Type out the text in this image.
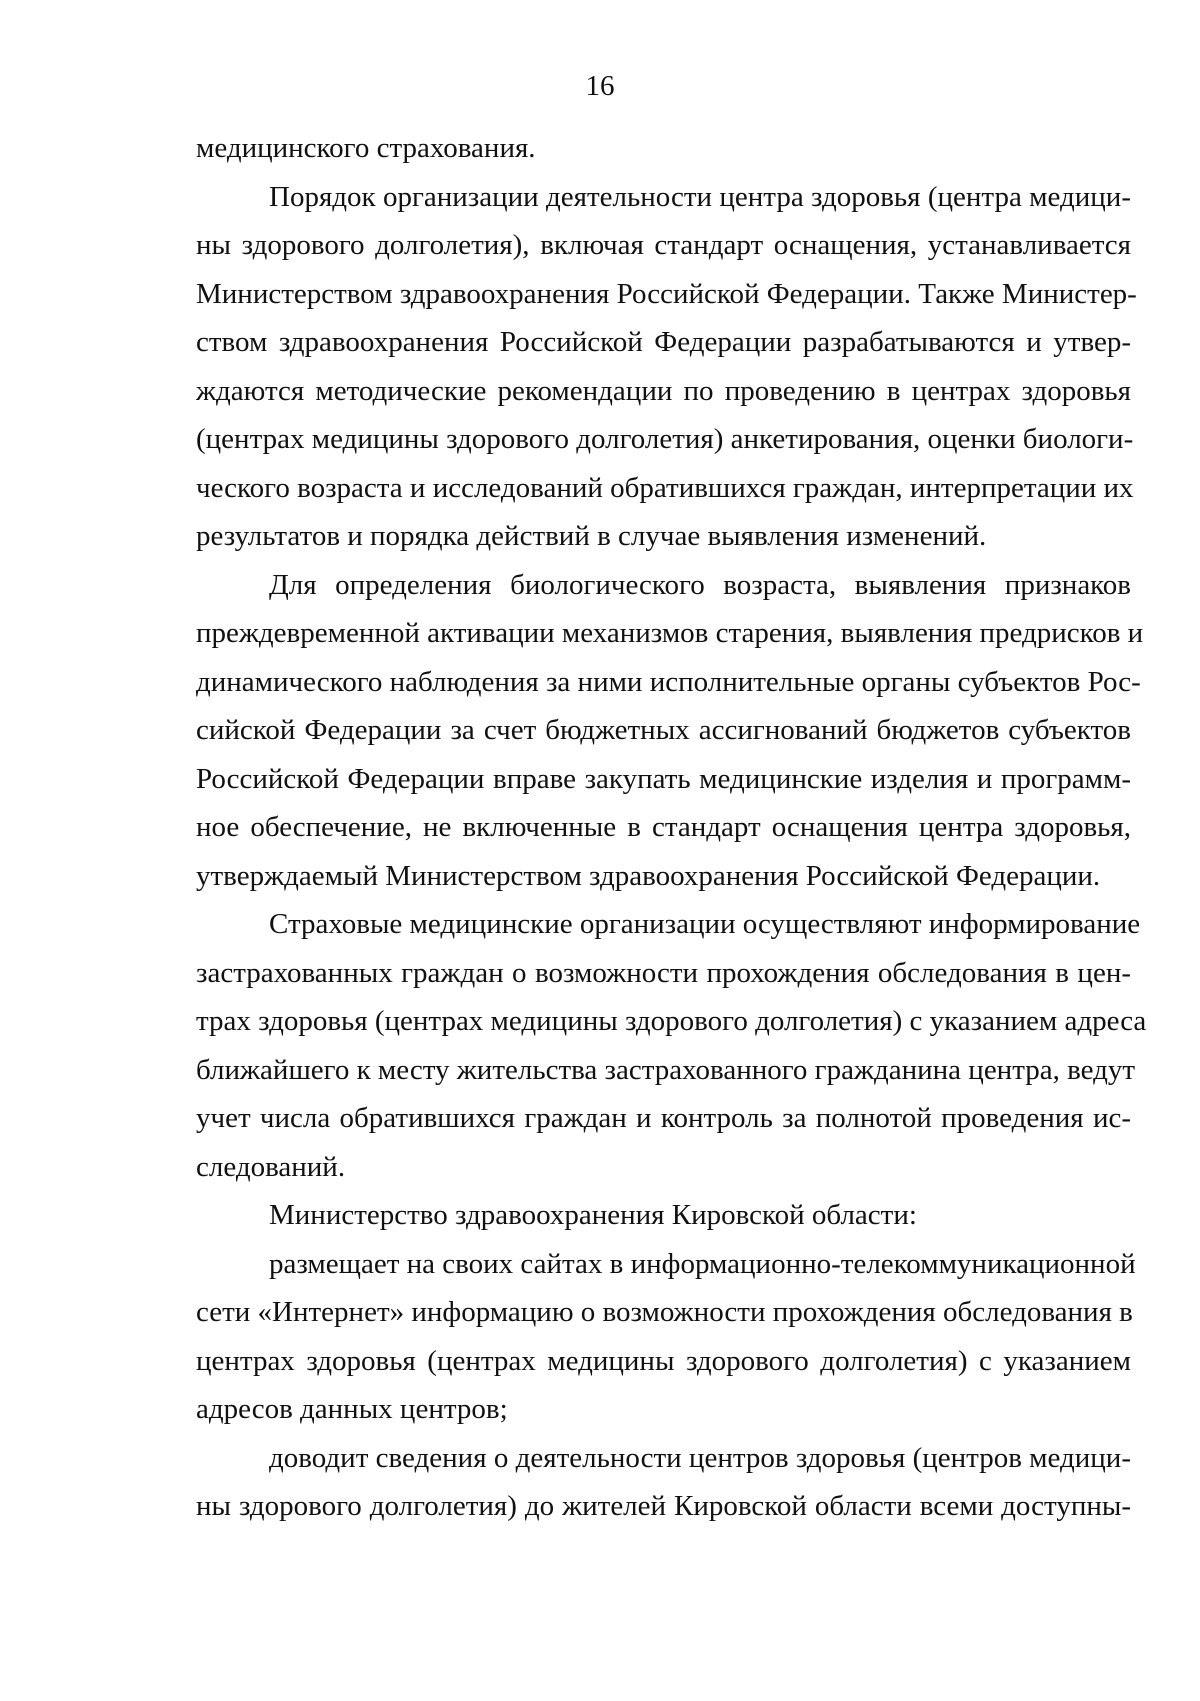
16
медицинского страхования.
Порядок организации деятельности центра здоровья (центра медици-
ны здорового долголетия), включая стандарт оснащения, устанавливается
Министерством здравоохранения Российской Федерации. Также Министер-
ством здравоохранения Российской Федерации разрабатываются и утвер-
ждаются методические рекомендации по проведению в центрах здоровья
(центрах медицины здорового долголетия) анкетирования, оценки биологи-
ческого возраста и исследований обратившихся граждан, интерпретации их
результатов и порядка действий в случае выявления изменений.
Для определения биологического возраста, выявления признаков
преждевременной активации механизмов старения, выявления предрисков и
динамического наблюдения за ними исполнительные органы субъектов Рос-
сийской Федерации за счет бюджетных ассигнований бюджетов субъектов
Российской Федерации вправе закупать медицинские изделия и программ-
ное обеспечение, не включенные в стандарт оснащения центра здоровья,
утверждаемый Министерством здравоохранения Российской Федерации.
Страховые медицинские организации осуществляют информирование
застрахованных граждан о возможности прохождения обследования в цен-
трах здоровья (центрах медицины здорового долголетия) с указанием адреса
ближайшего к месту жительства застрахованного гражданина центра, ведут
учет числа обратившихся граждан и контроль за полнотой проведения ис-
следований.
Министерство здравоохранения Кировской области:
размещает на своих сайтах в информационно-телекоммуникационной
сети «Интернет» информацию о возможности прохождения обследования в
центрах здоровья (центрах медицины здорового долголетия) с указанием
адресов данных центров;
доводит сведения о деятельности центров здоровья (центров медици-
ны здорового долголетия) до жителей Кировской области всеми доступны-
